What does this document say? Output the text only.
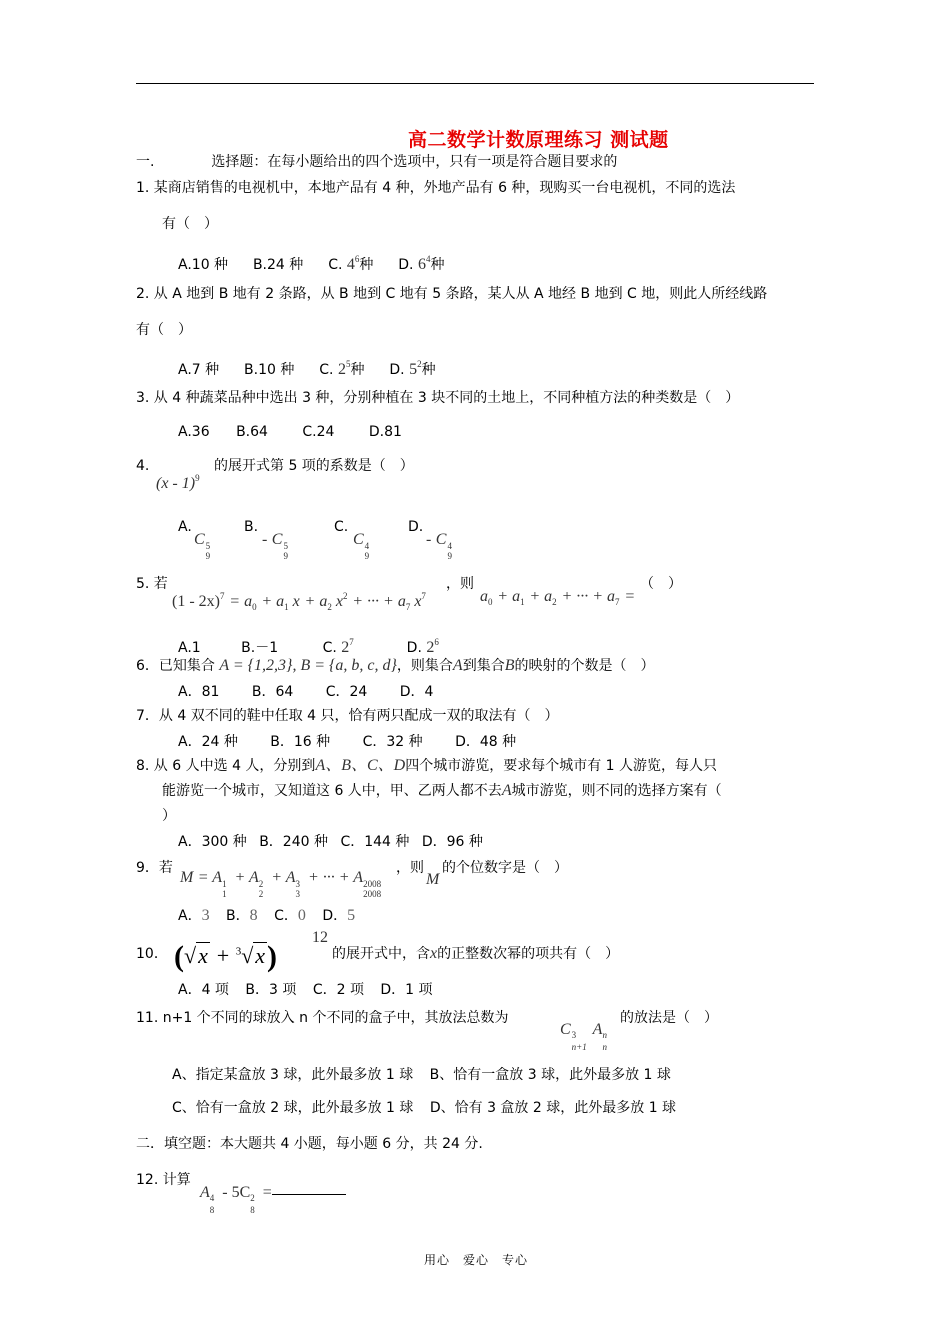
高二数学计数原理练习 测试题
一.	选择题：在每小题给出的四个选项中，只有一项是符合题目要求的
1. 某商店销售的电视机中，本地产品有 4 种，外地产品有 6 种，现购买一台电视机，不同的选法
有（　）
A.10 种 B.24 种 C. $4^6$种 D. $6^4$种
2. 从 A 地到 B 地有 2 条路，从 B 地到 C 地有 5 条路，某人从 A 地经 B 地到 C 地，则此人所经线路
有（　）
A.7 种 B.10 种 C. $2^5$种 D. $5^2$种
3. 从 4 种蔬菜品种中选出 3 种，分别种植在 3 块不同的土地上，不同种植方法的种类数是（　）
A.36 B.64 C.24 D.81
4.
(x - 1)$^9$
的展开式第 5 项的系数是（　）
A.
C 5
9
B.
- C 5
9
C.
C 4
9
D.
- C 4
9
5. 若
$(1 - 2x)^7 = a_0 + a_1$ $x + a_2$ $x^2$ + ··· + $a_7$ $x^7$
，则
$a_0 + a_1 + a_2$ + ··· + $a_7$ =
（　）
A.1	B.－1	C. $2^7$	D. $2^6$
6．已知集合 A = {1,2,3}, B = {a, b, c, d}，则集合A到集合B的映射的个数是（　）
A．81 B．64 C．24 D．4
7．从 4 双不同的鞋中任取 4 只，恰有两只配成一双的取法有（　）
A．24 种 B．16 种 C．32 种 D．48 种
8. 从 6 人中选 4 人，分别到A、B、C、D四个城市游览，要求每个城市有 1 人游览，每人只
能游览一个城市，又知道这 6 人中，甲、乙两人都不去A城市游览，则不同的选择方案有（
）
A．300 种 B．240 种 C．144 种 D．96 种
9．若
M = A 1
1
+ A 2
2
+ A 3
3
+ ··· + A 2008
2008
，则
M
的个位数字是（　）
A．3 B．8 C．0 D．5
10． (√x + $^3$√x)
12
的展开式中，含x的正整数次幂的项共有（　）
A．4 项 B．3 项 C．2 项 D．1 项
11. n+1 个不同的球放入 n 个不同的盒子中，其放法总数为
C 3
n+1
A n
n
的放法是（　）
A、指定某盒放 3 球，此外最多放 1 球 B、恰有一盒放 3 球，此外最多放 1 球
C、恰有一盒放 2 球，此外最多放 1 球 D、恰有 3 盒放 2 球，此外最多放 1 球
二．填空题：本大题共 4 小题，每小题 6 分，共 24 分.
12. 计算
A 4
8
- 5C 2
8
=
用心　爱心　专心
